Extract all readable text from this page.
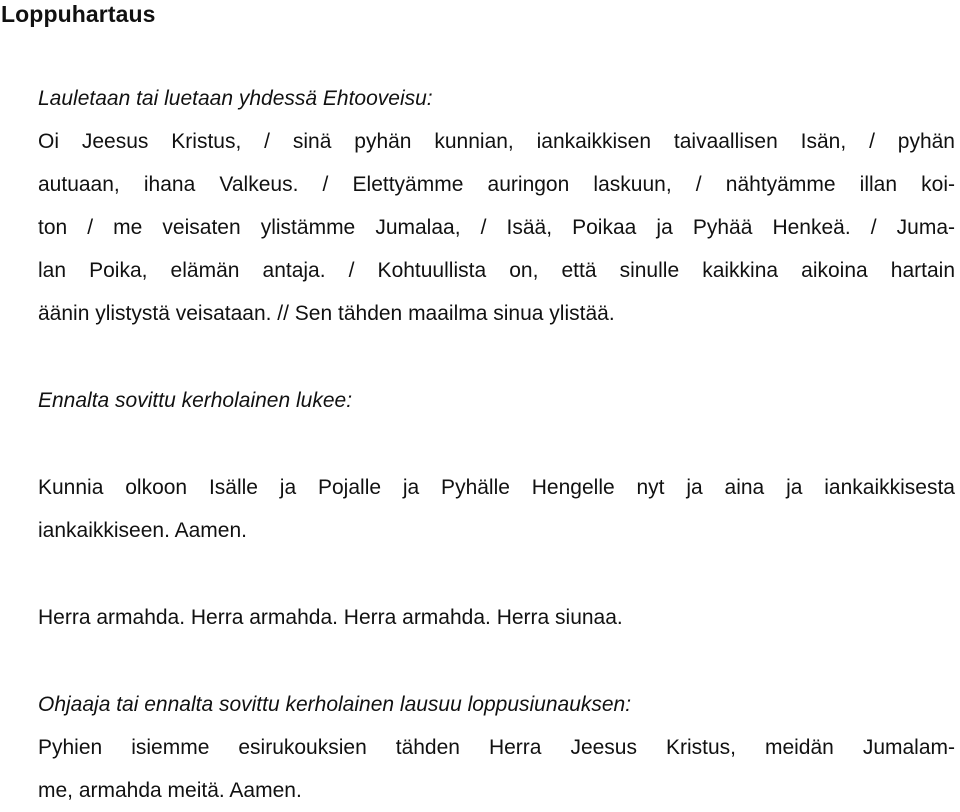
Loppuhartaus
Lauletaan tai luetaan yhdessä Ehtooveisu:
Oi Jeesus Kristus, / sinä pyhän kunnian, iankaikkisen taivaallisen Isän, / pyhän
autuaan, ihana Valkeus. / Elettyämme auringon laskuun, / nähtyämme illan koi-
ton / me veisaten ylistämme Jumalaa, / Isää, Poikaa ja Pyhää Henkeä. / Juma-
lan Poika, elämän antaja. / Kohtuullista on, että sinulle kaikkina aikoina hartain
äänin ylistystä veisataan. // Sen tähden maailma sinua ylistää.
Ennalta sovittu kerholainen lukee:
Kunnia olkoon Isälle ja Pojalle ja Pyhälle Hengelle nyt ja aina ja iankaikkisesta
iankaikkiseen. Aamen.
Herra armahda. Herra armahda. Herra armahda. Herra siunaa.
Ohjaaja tai ennalta sovittu kerholainen lausuu loppusiunauksen:
Pyhien isiemme esirukouksien tähden Herra Jeesus Kristus, meidän Jumalam-
me, armahda meitä. Aamen.
